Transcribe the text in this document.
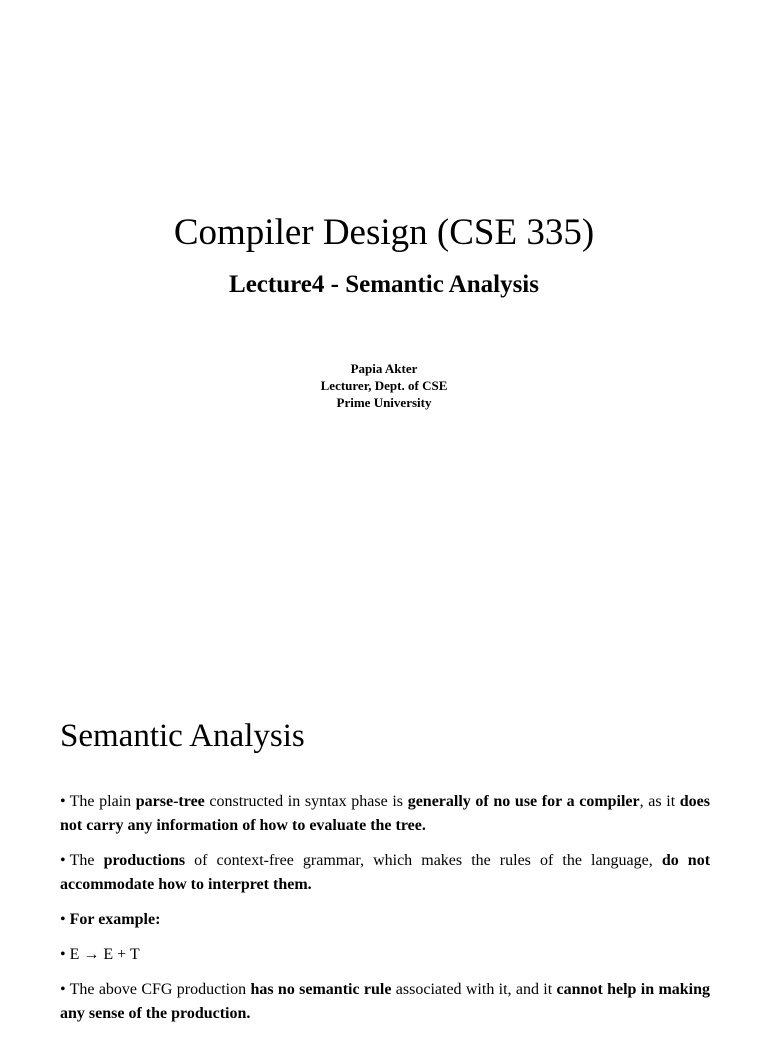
Compiler Design (CSE 335)
Lecture4 - Semantic Analysis
Papia Akter
Lecturer, Dept. of CSE
Prime University
Semantic Analysis
• The plain parse-tree constructed in syntax phase is generally of no use for a compiler, as it does not carry any information of how to evaluate the tree.
• The productions of context-free grammar, which makes the rules of the language, do not accommodate how to interpret them.
• For example:
• E → E + T
• The above CFG production has no semantic rule associated with it, and it cannot help in making any sense of the production.
